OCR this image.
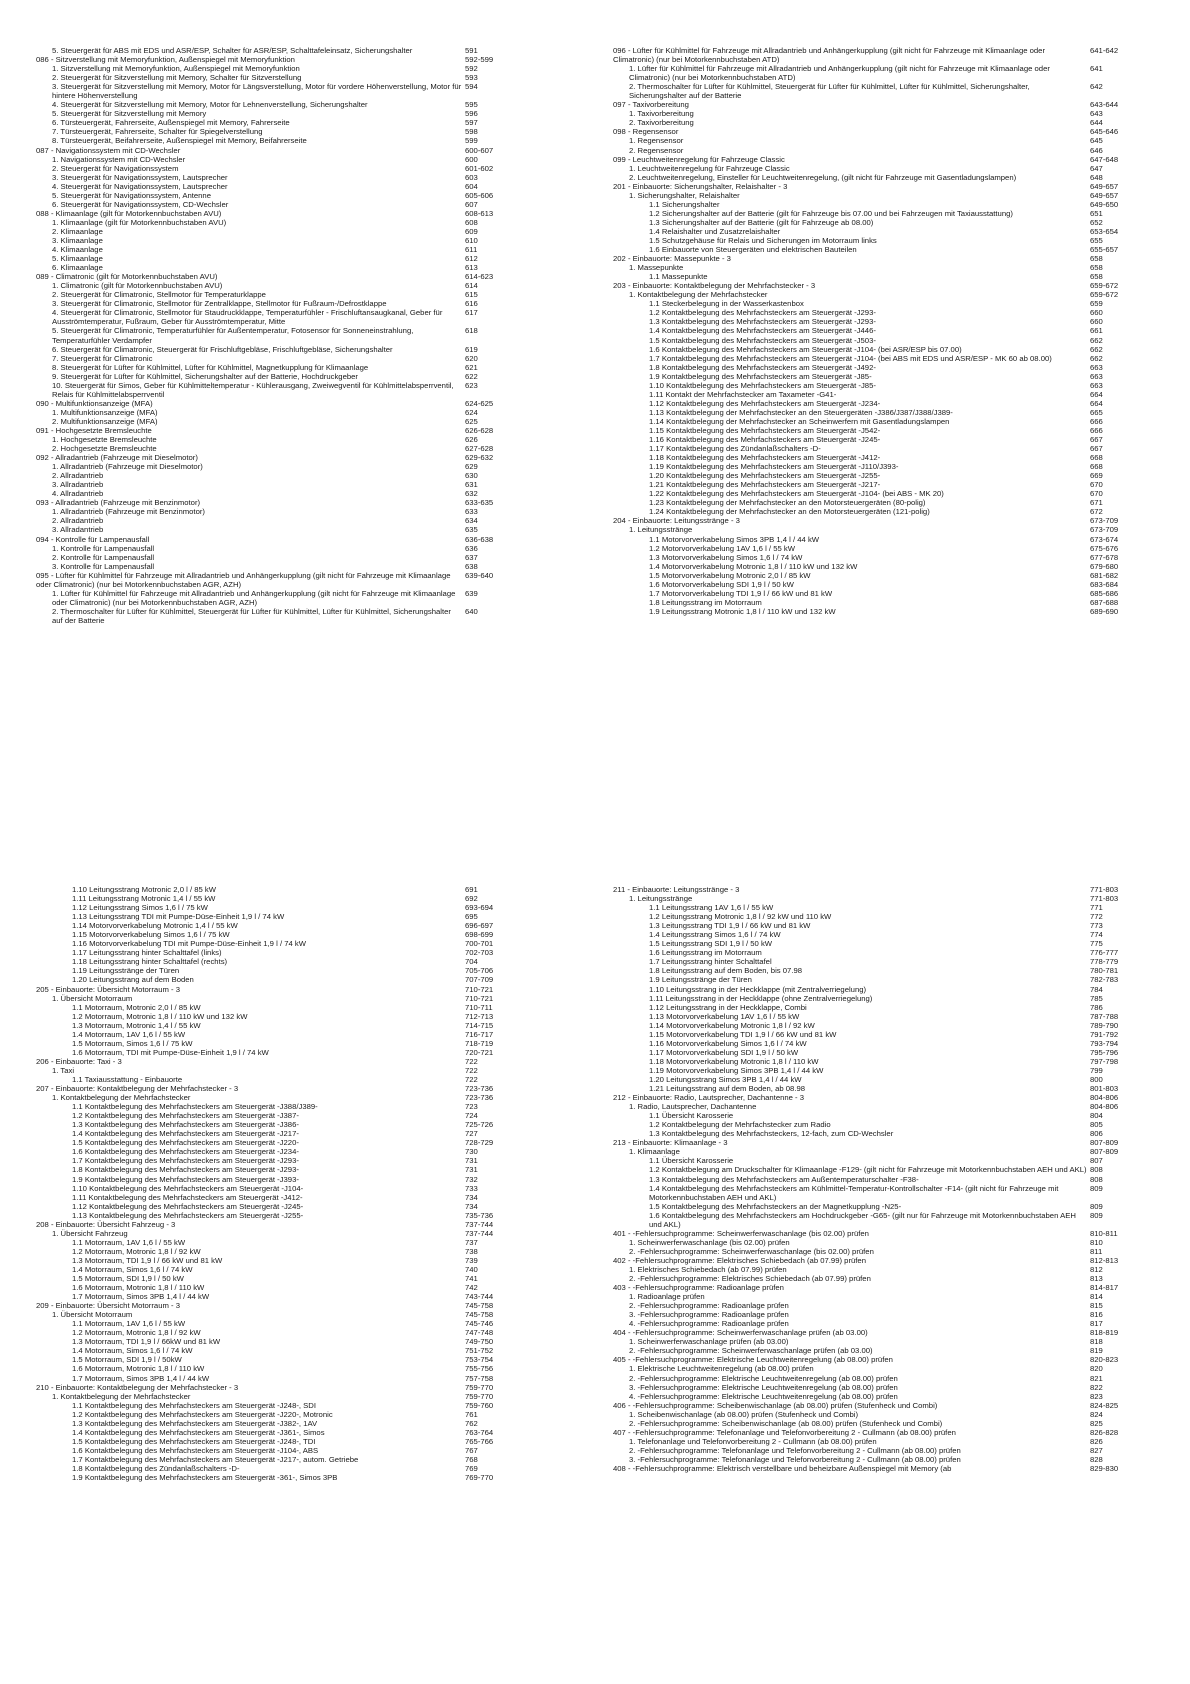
5. Steuergerät für ABS mit EDS und ASR/ESP, Schalter für ASR/ESP, Schalttafeleinsatz, Sicherungshalter	591
086 - Sitzverstellung mit Memoryfunktion, Außenspiegel mit Memoryfunktion	592-599
1. Sitzverstellung mit Memoryfunktion, Außenspiegel mit Memoryfunktion	592
2. Steuergerät für Sitzverstellung mit Memory, Schalter für Sitzverstellung	593
3. Steuergerät für Sitzverstellung mit Memory, Motor für Längsverstellung, Motor für vordere Höhenverstellung, Motor für hintere Höhenverstellung
594
4. Steuergerät für Sitzverstellung mit Memory, Motor für Lehnenverstellung, Sicherungshalter	595
5. Steuergerät für Sitzverstellung mit Memory	596
6. Türsteuergerät, Fahrerseite, Außenspiegel mit Memory, Fahrerseite	597
7. Türsteuergerät, Fahrerseite, Schalter für Spiegelverstellung	598
8. Türsteuergerät, Beifahrerseite, Außenspiegel mit Memory, Beifahrerseite	599
087 - Navigationssystem mit CD-Wechsler	600-607
1. Navigationssystem mit CD-Wechsler	600
2. Steuergerät für Navigationssystem	601-602
3. Steuergerät für Navigationssystem, Lautsprecher	603
4. Steuergerät für Navigationssystem, Lautsprecher	604
5. Steuergerät für Navigationssystem, Antenne	605-606
6. Steuergerät für Navigationssystem, CD-Wechsler	607
088 - Klimaanlage (gilt für Motorkennbuchstaben AVU)	608-613
1. Klimaanlage (gilt für Motorkennbuchstaben AVU)	608
2. Klimaanlage	609
3. Klimaanlage	610
4. Klimaanlage	611
5. Klimaanlage	612
6. Klimaanlage	613
089 - Climatronic (gilt für Motorkennbuchstaben AVU)	614-623
1. Climatronic (gilt für Motorkennbuchstaben AVU)	614
2. Steuergerät für Climatronic, Stellmotor für Temperaturklappe	615
3. Steuergerät für Climatronic, Stellmotor für Zentralklappe, Stellmotor für Fußraum-/Defrostklappe	616
4. Steuergerät für Climatronic, Stellmotor für Staudruckklappe, Temperaturfühler - Frischluftansaugkanal, Geber für Ausströmtemperatur, Fußraum, Geber für Ausströmtemperatur, Mitte
617
5. Steuergerät für Climatronic, Temperaturfühler für Außentemperatur, Fotosensor für Sonneneinstrahlung, Temperaturfühler Verdampfer
618
6. Steuergerät für Climatronic, Steuergerät für Frischluftgebläse, Frischluftgebläse, Sicherungshalter	619
7. Steuergerät für Climatronic	620
8. Steuergerät für Lüfter für Kühlmittel, Lüfter für Kühlmittel, Magnetkupplung für Klimaanlage	621
9. Steuergerät für Lüfter für Kühlmittel, Sicherungshalter auf der Batterie, Hochdruckgeber	622
10. Steuergerät für Simos, Geber für Kühlmitteltemperatur - Kühlerausgang, Zweiwegventil für Kühlmittelabsperrventil, Relais für Kühlmittelabsperrventil
623
090 - Multifunktionsanzeige (MFA)	624-625
1. Multifunktionsanzeige (MFA)	624
2. Multifunktionsanzeige (MFA)	625
091 - Hochgesetzte Bremsleuchte	626-628
1. Hochgesetzte Bremsleuchte	626
2. Hochgesetzte Bremsleuchte	627-628
092 - Allradantrieb (Fahrzeuge mit Dieselmotor)	629-632
1. Allradantrieb (Fahrzeuge mit Dieselmotor)	629
2. Allradantrieb	630
3. Allradantrieb	631
4. Allradantrieb	632
093 - Allradantrieb (Fahrzeuge mit Benzinmotor)	633-635
1. Allradantrieb (Fahrzeuge mit Benzinmotor)	633
2. Allradantrieb	634
3. Allradantrieb	635
094 - Kontrolle für Lampenausfall	636-638
1. Kontrolle für Lampenausfall	636
2. Kontrolle für Lampenausfall	637
3. Kontrolle für Lampenausfall	638
095 - Lüfter für Kühlmittel für Fahrzeuge mit Allradantrieb und Anhängerkupplung (gilt nicht für Fahrzeuge mit Klimaanlage oder Climatronic) (nur bei Motorkennbuchstaben AGR, AZH)
639-640
1. Lüfter für Kühlmittel für Fahrzeuge mit Allradantrieb und Anhängerkupplung (gilt nicht für Fahrzeuge mit Klimaanlage oder Climatronic) (nur bei Motorkennbuchstaben AGR, AZH)
639
2. Thermoschalter für Lüfter für Kühlmittel, Steuergerät für Lüfter für Kühlmittel, Lüfter für Kühlmittel, Sicherungshalter auf der Batterie
640
096 - Lüfter für Kühlmittel für Fahrzeuge mit Allradantrieb und Anhängerkupplung (gilt nicht für Fahrzeuge mit Klimaanlage oder Climatronic) (nur bei Motorkennbuchstaben ATD)
641-642
1. Lüfter für Kühlmittel für Fahrzeuge mit Allradantrieb und Anhängerkupplung (gilt nicht für Fahrzeuge mit Klimaanlage oder Climatronic) (nur bei Motorkennbuchstaben ATD)
641
2. Thermoschalter für Lüfter für Kühlmittel, Steuergerät für Lüfter für Kühlmittel, Lüfter für Kühlmittel, Sicherungshalter, Sicherungshalter auf der Batterie
642
097 - Taxivorbereitung	643-644
1. Taxivorbereitung	643
2. Taxivorbereitung	644
098 - Regensensor	645-646
1. Regensensor	645
2. Regensensor	646
099 - Leuchtweitenregelung für Fahrzeuge Classic	647-648
1. Leuchtweitenregelung für Fahrzeuge Classic	647
2. Leuchtweitenregelung, Einsteller für Leuchtweitenregelung, (gilt nicht für Fahrzeuge mit Gasentladungslampen)	648
201 - Einbauorte: Sicherungshalter, Relaishalter - 3	649-657
1. Sicherungshalter, Relaishalter	649-657
1.1 Sicherungshalter	649-650
1.2 Sicherungshalter auf der Batterie (gilt für Fahrzeuge bis 07.00 und bei Fahrzeugen mit Taxiausstattung)	651
1.3 Sicherungshalter auf der Batterie (gilt für Fahrzeuge ab 08.00)	652
1.4 Relaishalter und Zusatzrelaishalter	653-654
1.5 Schutzgehäuse für Relais und Sicherungen im Motorraum links	655
1.6 Einbauorte von Steuergeräten und elektrischen Bauteilen	655-657
202 - Einbauorte: Massepunkte - 3	658
1. Massepunkte	658
1.1 Massepunkte	658
203 - Einbauorte: Kontaktbelegung der Mehrfachstecker - 3	659-672
1. Kontaktbelegung der Mehrfachstecker	659-672
1.1 Steckerbelegung in der Wasserkastenbox	659
1.2 Kontaktbelegung des Mehrfachsteckers am Steuergerät -J293-	660
1.3 Kontaktbelegung des Mehrfachsteckers am Steuergerät -J293-	660
1.4 Kontaktbelegung des Mehrfachsteckers am Steuergerät -J446-	661
1.5 Kontaktbelegung des Mehrfachsteckers am Steuergerät -J503-	662
1.6 Kontaktbelegung des Mehrfachsteckers am Steuergerät -J104- (bei ASR/ESP bis 07.00)	662
1.7 Kontaktbelegung des Mehrfachsteckers am Steuergerät -J104- (bei ABS mit EDS und ASR/ESP - MK 60 ab 08.00)	662
1.8 Kontaktbelegung des Mehrfachsteckers am Steuergerät -J492-	663
1.9 Kontaktbelegung des Mehrfachsteckers am Steuergerät -J85-	663
1.10 Kontaktbelegung des Mehrfachsteckers am Steuergerät -J85-	663
1.11 Kontakt der Mehrfachstecker am Taxameter -G41-	664
1.12 Kontaktbelegung des Mehrfachsteckers am Steuergerät -J234-	664
1.13 Kontaktbelegung der Mehrfachstecker an den Steuergeräten -J386/J387/J388/J389-	665
1.14 Kontaktbelegung der Mehrfachstecker an Scheinwerfern mit Gasentladungslampen	666
1.15 Kontaktbelegung des Mehrfachsteckers am Steuergerät -J542-	666
1.16 Kontaktbelegung des Mehrfachsteckers am Steuergerät -J245-	667
1.17 Kontaktbelegung des Zündanlaßschalters -D-	667
1.18 Kontaktbelegung des Mehrfachsteckers am Steuergerät -J412-	668
1.19 Kontaktbelegung des Mehrfachsteckers am Steuergerät -J110/J393-	668
1.20 Kontaktbelegung des Mehrfachsteckers am Steuergerät -J255-	669
1.21 Kontaktbelegung des Mehrfachsteckers am Steuergerät -J217-	670
1.22 Kontaktbelegung des Mehrfachsteckers am Steuergerät -J104- (bei ABS - MK 20)	670
1.23 Kontaktbelegung der Mehrfachstecker an den Motorsteuergeräten (80-polig)	671
1.24 Kontaktbelegung der Mehrfachstecker an den Motorsteuergeräten (121-polig)	672
204 - Einbauorte: Leitungsstränge - 3	673-709
1. Leitungsstränge	673-709
1.1 Motorvorverkabelung Simos 3PB 1,4 l / 44 kW	673-674
1.2 Motorvorverkabelung 1AV 1,6 l / 55 kW	675-676
1.3 Motorvorverkabelung Simos 1,6 l / 74 kW	677-678
1.4 Motorvorverkabelung Motronic 1,8 l / 110 kW und 132 kW	679-680
1.5 Motorvorverkabelung Motronic 2,0 l / 85 kW	681-682
1.6 Motorvorverkabelung SDI 1,9 l / 50 kW	683-684
1.7 Motorvorverkabelung TDI 1,9 l / 66 kW und 81 kW	685-686
1.8 Leitungsstrang im Motorraum	687-688
1.9 Leitungsstrang Motronic 1,8 l / 110 kW und 132 kW	689-690
1.10 Leitungsstrang Motronic 2,0 l / 85 kW	691
1.11 Leitungsstrang Motronic 1,4 l / 55 kW	692
1.12 Leitungsstrang Simos 1,6 l / 75 kW	693-694
1.13 Leitungsstrang TDI mit Pumpe-Düse-Einheit 1,9 l / 74 kW	695
1.14 Motorvorverkabelung Motronic 1,4 l / 55 kW	696-697
1.15 Motorvorverkabelung Simos 1,6 l / 75 kW	698-699
1.16 Motorvorverkabelung TDI mit Pumpe-Düse-Einheit 1,9 l / 74 kW	700-701
1.17 Leitungsstrang hinter Schalttafel (links)	702-703
1.18 Leitungsstrang hinter Schalttafel (rechts)	704
1.19 Leitungsstränge der Türen	705-706
1.20 Leitungsstrang auf dem Boden	707-709
205 - Einbauorte: Übersicht Motorraum - 3	710-721
1. Übersicht Motorraum	710-721
1.1 Motorraum, Motronic 2,0 l / 85 kW	710-711
1.2 Motorraum, Motronic 1,8 l / 110 kW und 132 kW	712-713
1.3 Motorraum, Motronic 1,4 l / 55 kW	714-715
1.4 Motorraum, 1AV 1,6 l / 55 kW	716-717
1.5 Motorraum, Simos 1,6 l / 75 kW	718-719
1.6 Motorraum, TDI mit Pumpe-Düse-Einheit 1,9 l / 74 kW	720-721
206 - Einbauorte: Taxi - 3	722
1. Taxi	722
1.1 Taxiausstattung - Einbauorte	722
207 - Einbauorte: Kontaktbelegung der Mehrfachstecker - 3	723-736
1. Kontaktbelegung der Mehrfachstecker	723-736
1.1 Kontaktbelegung des Mehrfachsteckers am Steuergerät -J388/J389-	723
1.2 Kontaktbelegung des Mehrfachsteckers am Steuergerät -J387-	724
1.3 Kontaktbelegung des Mehrfachsteckers am Steuergerät -J386-	725-726
1.4 Kontaktbelegung des Mehrfachsteckers am Steuergerät -J217-	727
1.5 Kontaktbelegung des Mehrfachsteckers am Steuergerät -J220-	728-729
1.6 Kontaktbelegung des Mehrfachsteckers am Steuergerät -J234-	730
1.7 Kontaktbelegung des Mehrfachsteckers am Steuergerät -J293-	731
1.8 Kontaktbelegung des Mehrfachsteckers am Steuergerät -J293-	731
1.9 Kontaktbelegung des Mehrfachsteckers am Steuergerät -J393-	732
1.10 Kontaktbelegung des Mehrfachsteckers am Steuergerät -J104-	733
1.11 Kontaktbelegung des Mehrfachsteckers am Steuergerät -J412-	734
1.12 Kontaktbelegung des Mehrfachsteckers am Steuergerät -J245-	734
1.13 Kontaktbelegung des Mehrfachsteckers am Steuergerät -J255-	735-736
208 - Einbauorte: Übersicht Fahrzeug - 3	737-744
1. Übersicht Fahrzeug	737-744
1.1 Motorraum, 1AV 1,6 l / 55 kW	737
1.2 Motorraum, Motronic 1,8 l / 92 kW	738
1.3 Motorraum, TDI 1,9 l / 66 kW und 81 kW	739
1.4 Motorraum, Simos 1,6 l / 74 kW	740
1.5 Motorraum, SDI 1,9 l / 50 kW	741
1.6 Motorraum, Motronic 1,8 l / 110 kW	742
1.7 Motorraum, Simos 3PB 1,4 l / 44 kW	743-744
209 - Einbauorte: Übersicht Motorraum - 3	745-758
1. Übersicht Motorraum	745-758
1.1 Motorraum, 1AV 1,6 l / 55 kW	745-746
1.2 Motorraum, Motronic 1,8 l / 92 kW	747-748
1.3 Motorraum, TDI 1,9 l / 66kW und 81 kW	749-750
1.4 Motorraum, Simos 1,6 l / 74 kW	751-752
1.5 Motorraum, SDI 1,9 l / 50kW	753-754
1.6 Motorraum, Motronic 1,8 l / 110 kW	755-756
1.7 Motorraum, Simos 3PB 1,4 l / 44 kW	757-758
210 - Einbauorte: Kontaktbelegung der Mehrfachstecker - 3	759-770
1. Kontaktbelegung der Mehrfachstecker	759-770
1.1 Kontaktbelegung des Mehrfachsteckers am Steuergerät -J248-, SDI	759-760
1.2 Kontaktbelegung des Mehrfachsteckers am Steuergerät -J220-, Motronic	761
1.3 Kontaktbelegung des Mehrfachsteckers am Steuergerät -J382-, 1AV	762
1.4 Kontaktbelegung des Mehrfachsteckers am Steuergerät -J361-, Simos	763-764
1.5 Kontaktbelegung des Mehrfachsteckers am Steuergerät -J248-, TDI	765-766
1.6 Kontaktbelegung des Mehrfachsteckers am Steuergerät -J104-, ABS	767
1.7 Kontaktbelegung des Mehrfachsteckers am Steuergerät -J217-, autom. Getriebe	768
1.8 Kontaktbelegung des Zündanlaßschalters -D-	769
1.9 Kontaktbelegung des Mehrfachsteckers am Steuergerät -361-, Simos 3PB	769-770
211 - Einbauorte: Leitungsstränge - 3	771-803
1. Leitungsstränge	771-803
1.1 Leitungsstrang 1AV 1,6 l / 55 kW	771
1.2 Leitungsstrang Motronic 1,8 l / 92 kW und 110 kW	772
1.3 Leitungsstrang TDI 1,9 l / 66 kW und 81 kW	773
1.4 Leitungsstrang Simos 1,6 l / 74 kW	774
1.5 Leitungsstrang SDI 1,9 l / 50 kW	775
1.6 Leitungsstrang im Motorraum	776-777
1.7 Leitungsstrang hinter Schalttafel	778-779
1.8 Leitungsstrang auf dem Boden, bis 07.98	780-781
1.9 Leitungsstränge der Türen	782-783
1.10 Leitungsstrang in der Heckklappe (mit Zentralverriegelung)	784
1.11 Leitungsstrang in der Heckklappe (ohne Zentralverriegelung)	785
1.12 Leitungsstrang in der Heckklappe, Combi	786
1.13 Motorvorverkabelung 1AV 1,6 l / 55 kW	787-788
1.14 Motorvorverkabelung Motronic 1,8 l / 92 kW	789-790
1.15 Motorvorverkabelung TDI 1,9 l / 66 kW und 81 kW	791-792
1.16 Motorvorverkabelung Simos 1,6 l / 74 kW	793-794
1.17 Motorvorverkabelung SDI 1,9 l / 50 kW	795-796
1.18 Motorvorverkabelung Motronic 1,8 l / 110 kW	797-798
1.19 Motorvorverkabelung Simos 3PB 1,4 l / 44 kW	799
1.20 Leitungsstrang Simos 3PB 1,4 l / 44 kW	800
1.21 Leitungsstrang auf dem Boden, ab 08.98	801-803
212 - Einbauorte: Radio, Lautsprecher, Dachantenne - 3	804-806
1. Radio, Lautsprecher, Dachantenne	804-806
1.1 Übersicht Karosserie	804
1.2 Kontaktbelegung der Mehrfachstecker zum Radio	805
1.3 Kontaktbelegung des Mehrfachsteckers, 12-fach, zum CD-Wechsler	806
213 - Einbauorte: Klimaanlage - 3	807-809
1. Klimaanlage	807-809
1.1 Übersicht Karosserie	807
1.2 Kontaktbelegung am Druckschalter für Klimaanlage -F129- (gilt nicht für Fahrzeuge mit Motorkennbuchstaben AEH und AKL) 808
1.3 Kontaktbelegung des Mehrfachsteckers am Außentemperaturschalter -F38-	808
1.4 Kontaktbelegung des Mehrfachsteckers am Kühlmittel-Temperatur-Kontrollschalter -F14- (gilt nicht für Fahrzeuge mit Motorkennbuchstaben AEH und AKL)
809
1.5 Kontaktbelegung des Mehrfachsteckers an der Magnetkupplung -N25-	809
1.6 Kontaktbelegung des Mehrfachsteckers am Hochdruckgeber -G65- (gilt nur für Fahrzeuge mit Motorkennbuchstaben AEH und AKL)
809
401 - -Fehlersuchprogramme: Scheinwerferwaschanlage (bis 02.00) prüfen	810-811
1. Scheinwerferwaschanlage (bis 02.00) prüfen	810
2. -Fehlersuchprogramme: Scheinwerferwaschanlage (bis 02.00) prüfen	811
402 - -Fehlersuchprogramme: Elektrisches Schiebedach (ab 07.99) prüfen	812-813
1. Elektrisches Schiebedach (ab 07.99) prüfen	812
2. -Fehlersuchprogramme: Elektrisches Schiebedach (ab 07.99) prüfen	813
403 - -Fehlersuchprogramme: Radioanlage prüfen	814-817
1. Radioanlage prüfen	814
2. -Fehlersuchprogramme: Radioanlage prüfen	815
3. -Fehlersuchprogramme: Radioanlage prüfen	816
4. -Fehlersuchprogramme: Radioanlage prüfen	817
404 - -Fehlersuchprogramme: Scheinwerferwaschanlage prüfen (ab 03.00)	818-819
1. Scheinwerferwaschanlage prüfen (ab 03.00)	818
2. -Fehlersuchprogramme: Scheinwerferwaschanlage prüfen (ab 03.00)	819
405 - -Fehlersuchprogramme: Elektrische Leuchtweitenregelung (ab 08.00) prüfen	820-823
1. Elektrische Leuchtweitenregelung (ab 08.00) prüfen	820
2. -Fehlersuchprogramme: Elektrische Leuchtweitenregelung (ab 08.00) prüfen	821
3. -Fehlersuchprogramme: Elektrische Leuchtweitenregelung (ab 08.00) prüfen	822
4. -Fehlersuchprogramme: Elektrische Leuchtweitenregelung (ab 08.00) prüfen	823
406 - -Fehlersuchprogramme: Scheibenwischanlage (ab 08.00) prüfen (Stufenheck und Combi)	824-825
1. Scheibenwischanlage (ab 08.00) prüfen (Stufenheck und Combi)	824
2. -Fehlersuchprogramme: Scheibenwischanlage (ab 08.00) prüfen (Stufenheck und Combi)	825
407 - -Fehlersuchprogramme: Telefonanlage und Telefonvorbereitung 2 - Cullmann (ab 08.00) prüfen	826-828
1. Telefonanlage und Telefonvorbereitung 2 - Cullmann (ab 08.00) prüfen	826
2. -Fehlersuchprogramme: Telefonanlage und Telefonvorbereitung 2 - Cullmann (ab 08.00) prüfen	827
3. -Fehlersuchprogramme: Telefonanlage und Telefonvorbereitung 2 - Cullmann (ab 08.00) prüfen	828
408 - -Fehlersuchprogramme: Elektrisch verstellbare und beheizbare Außenspiegel mit Memory (ab	829-830
